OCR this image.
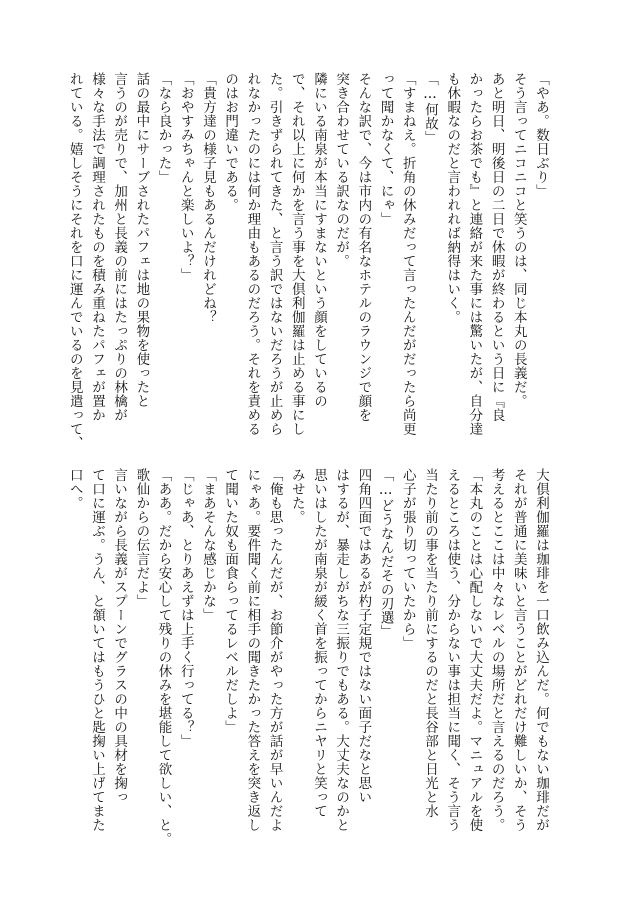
「やあ。数日ぶり」
そう言ってニコニコと笑うのは、同じ本丸の長義だ。
あと明日、明後日の二日で休暇が終わるという日に『良
かったらお茶でも』と連絡が来た事には驚いたが、自分達
も休暇なのだと言われれば納得はいく。
「…何故」
「すまねえ。折角の休みだって言ったんだがだったら尚更
って聞かなくて、にゃ」
そんな訳で、今は市内の有名なホテルのラウンジで顔を
突き合わせている訳なのだが。
隣にいる南泉が本当にすまないという顔をしているの
で、それ以上に何かを言う事を大倶利伽羅は止める事にし
た。引きずられてきた、と言う訳ではないだろうが止めら
れなかったのには何か理由もあるのだろう。それを責める
のはお門違いである。
「貴方達の様子見もあるんだけれどね？
「おやすみちゃんと楽しいよ？」
「なら良かった」
話の最中にサーブされたパフェは地の果物を使ったと
言うのが売りで、加州と長義の前にはたっぷりの林檎が
様々な手法で調理されたものを積み重ねたパフェが置か
れている。嬉しそうにそれを口に運んでいるのを見遣って、
大倶利伽羅は珈琲を一口飲み込んだ。何でもない珈琲だが
それが普通に美味いと言うことがどれだけ難しいか、そう
考えるとここは中々なレベルの場所だと言えるのだろう。
「本丸のことは心配しないで大丈夫だよ。マニュアルを使
えるところは使う、分からない事は担当に聞く、そう言う
当たり前の事を当たり前にするのだと長谷部と日光と水
心子が張り切っていたから」
「…どうなんだその刃選」
四角四面ではあるが杓子定規ではない面子だなと思い
はするが、暴走しがちな三振りでもある。大丈夫なのかと
思いはしたが南泉が緩く首を振ってからニヤリと笑って
みせた。
「俺も思ったんだが、お節介がやった方が話が早いんだよ
にゃあ。要件聞く前に相手の聞きたかった答えを突き返し
て聞いた奴も面食らってるレベルだしよ」
「まあそんな感じかな」
「じゃあ、とりあえずは上手く行ってる？」
「ああ。だから安心して残りの休みを堪能して欲しい、と。
歌仙からの伝言だよ」
言いながら長義がスプーンでグラスの中の具材を掬っ
て口に運ぶ。うん、と頷いてはもうひと匙掬い上げてまた
口へ。
